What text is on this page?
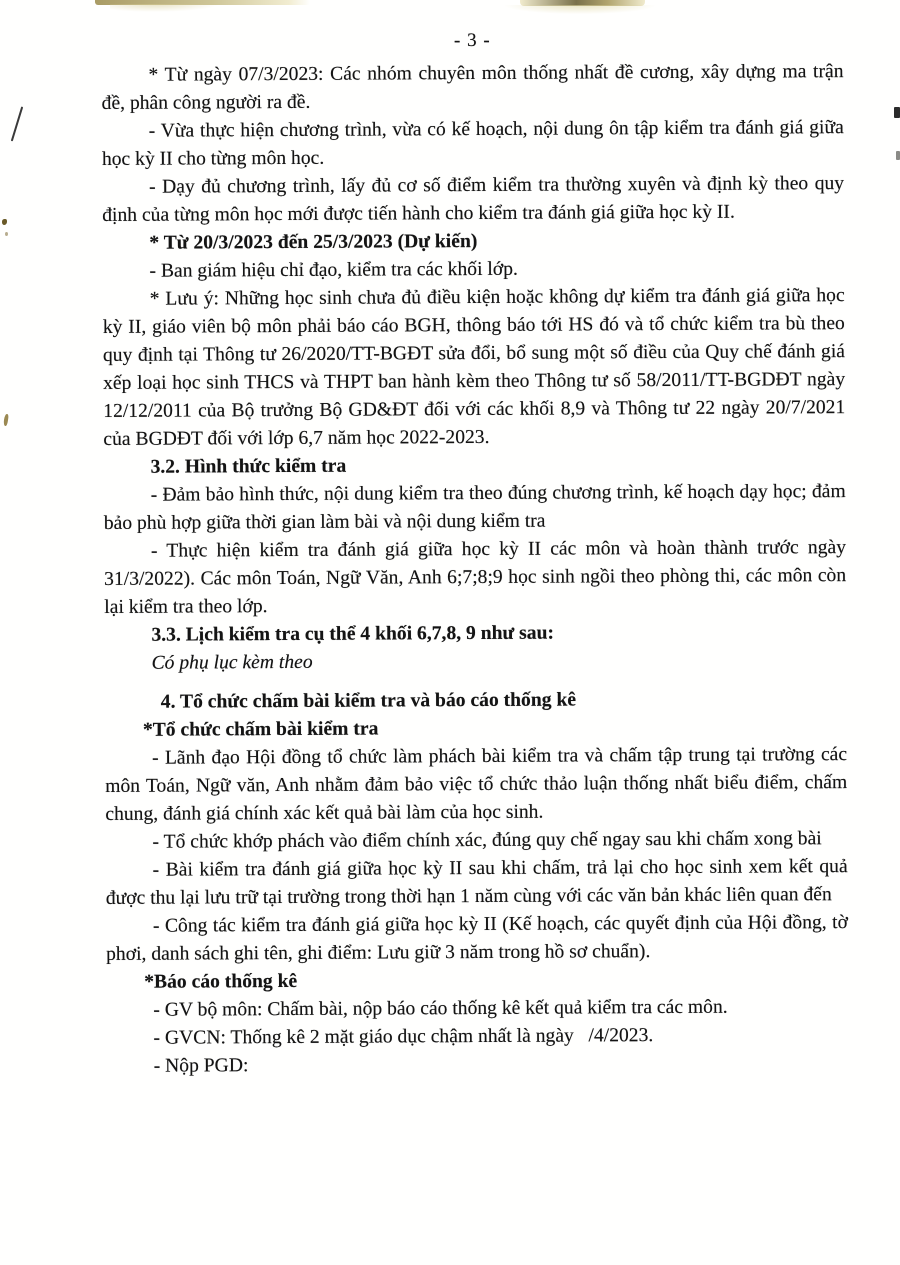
- 3 -

* Từ ngày 07/3/2023: Các nhóm chuyên môn thống nhất đề cương, xây dựng ma trận đề, phân công người ra đề.

- Vừa thực hiện chương trình, vừa có kế hoạch, nội dung ôn tập kiểm tra đánh giá giữa học kỳ II cho từng môn học.

- Dạy đủ chương trình, lấy đủ cơ số điểm kiểm tra thường xuyên và định kỳ theo quy định của từng môn học mới được tiến hành cho kiểm tra đánh giá giữa học kỳ II.

* Từ 20/3/2023 đến 25/3/2023 (Dự kiến)

- Ban giám hiệu chỉ đạo, kiểm tra các khối lớp.

* Lưu ý: Những học sinh chưa đủ điều kiện hoặc không dự kiểm tra đánh giá giữa học kỳ II, giáo viên bộ môn phải báo cáo BGH, thông báo tới HS đó và tổ chức kiểm tra bù theo quy định tại Thông tư 26/2020/TT-BGĐT sửa đổi, bổ sung một số điều của Quy chế đánh giá xếp loại học sinh THCS và THPT ban hành kèm theo Thông tư số 58/2011/TT-BGDĐT ngày 12/12/2011 của Bộ trưởng Bộ GD&ĐT đối với các khối 8,9 và Thông tư 22 ngày 20/7/2021 của BGDĐT đối với lớp 6,7 năm học 2022-2023.

3.2. Hình thức kiểm tra

- Đảm bảo hình thức, nội dung kiểm tra theo đúng chương trình, kế hoạch dạy học; đảm bảo phù hợp giữa thời gian làm bài và nội dung kiểm tra

- Thực hiện kiểm tra đánh giá giữa học kỳ II các môn và hoàn thành trước ngày 31/3/2022). Các môn Toán, Ngữ Văn, Anh 6;7;8;9 học sinh ngồi theo phòng thi, các môn còn lại kiểm tra theo lớp.

3.3. Lịch kiểm tra cụ thể 4 khối 6,7,8, 9 như sau:

Có phụ lục kèm theo

4. Tổ chức chấm bài kiểm tra và báo cáo thống kê

*Tổ chức chấm bài kiểm tra

- Lãnh đạo Hội đồng tổ chức làm phách bài kiểm tra và chấm tập trung tại trường các môn Toán, Ngữ văn, Anh nhằm đảm bảo việc tổ chức thảo luận thống nhất biểu điểm, chấm chung, đánh giá chính xác kết quả bài làm của học sinh.

- Tổ chức khớp phách vào điểm chính xác, đúng quy chế ngay sau khi chấm xong bài

- Bài kiểm tra đánh giá giữa học kỳ II sau khi chấm, trả lại cho học sinh xem kết quả được thu lại lưu trữ tại trường trong thời hạn 1 năm cùng với các văn bản khác liên quan đến

- Công tác kiểm tra đánh giá giữa học kỳ II (Kế hoạch, các quyết định của Hội đồng, tờ phơi, danh sách ghi tên, ghi điểm: Lưu giữ 3 năm trong hồ sơ chuẩn).

*Báo cáo thống kê

- GV bộ môn: Chấm bài, nộp báo cáo thống kê kết quả kiểm tra các môn.

- GVCN: Thống kê 2 mặt giáo dục chậm nhất là ngày   /4/2023.

- Nộp PGD:
